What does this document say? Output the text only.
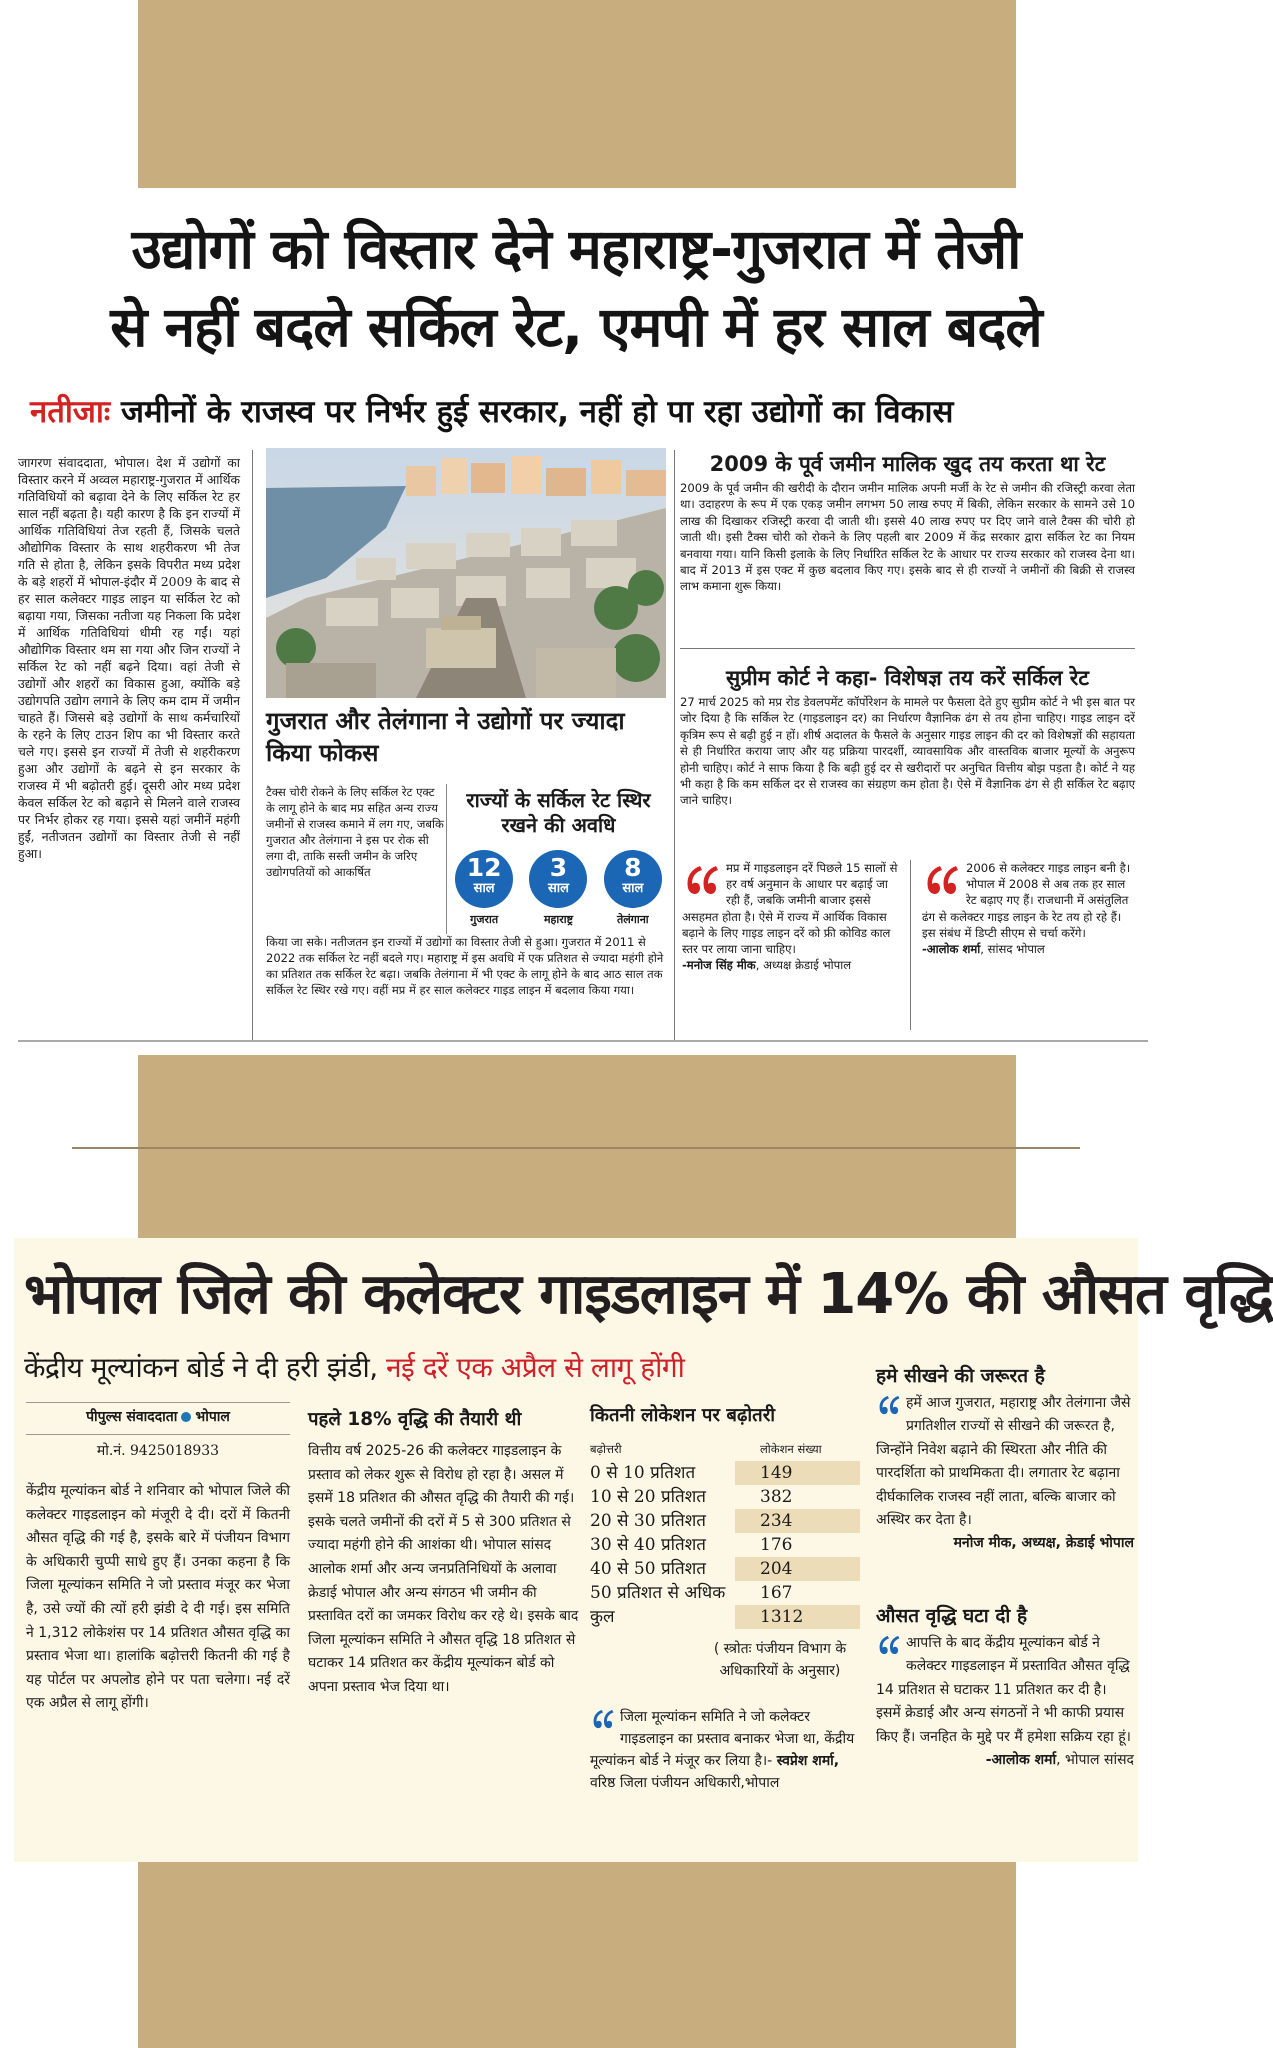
उद्योगों को विस्तार देने महाराष्ट्र-गुजरात में तेजी
से नहीं बदले सर्किल रेट, एमपी में हर साल बदले
नतीजाः जमीनों के राजस्व पर निर्भर हुई सरकार, नहीं हो पा रहा उद्योगों का विकास
जागरण संवाददाता, भोपाल। देश में उद्योगों का विस्तार करने में अव्वल महाराष्ट्र-गुजरात में आर्थिक गतिविधियों को बढ़ावा देने के लिए सर्किल रेट हर साल नहीं बढ़ता है। यही कारण है कि इन राज्यों में आर्थिक गतिविधियां तेज रहती हैं, जिसके चलते औद्योगिक विस्तार के साथ शहरीकरण भी तेज गति से होता है, लेकिन इसके विपरीत मध्य प्रदेश के बड़े शहरों में भोपाल-इंदौर में 2009 के बाद से हर साल कलेक्टर गाइड लाइन या सर्किल रेट को बढ़ाया गया, जिसका नतीजा यह निकला कि प्रदेश में आर्थिक गतिविधियां धीमी रह गईं। यहां औद्योगिक विस्तार थम सा गया और जिन राज्यों ने सर्किल रेट को नहीं बढ़ने दिया। वहां तेजी से उद्योगों और शहरों का विकास हुआ, क्योंकि बड़े उद्योगपति उद्योग लगाने के लिए कम दाम में जमीन चाहते हैं। जिससे बड़े उद्योगों के साथ कर्मचारियों के रहने के लिए टाउन शिप का भी विस्तार करते चले गए। इससे इन राज्यों में तेजी से शहरीकरण हुआ और उद्योगों के बढ़ने से इन सरकार के राजस्व में भी बढ़ोतरी हुई। दूसरी ओर मध्य प्रदेश केवल सर्किल रेट को बढ़ाने से मिलने वाले राजस्व पर निर्भर होकर रह गया। इससे यहां जमीनें महंगी हुईं, नतीजतन उद्योगों का विस्तार तेजी से नहीं हुआ।
गुजरात और तेलंगाना ने उद्योगों पर ज्यादा किया फोकस
टैक्स चोरी रोकने के लिए सर्किल रेट एक्ट के लागू होने के बाद मप्र सहित अन्य राज्य जमीनों से राजस्व कमाने में लग गए, जबकि गुजरात और तेलंगाना ने इस पर रोक सी लगा दी, ताकि सस्ती जमीन के जरिए उद्योगपतियों को आकर्षित
राज्यों के सर्किल रेट स्थिर रखने की अवधि
12
साल
गुजरात
3
साल
महाराष्ट्र
8
साल
तेलंगाना
किया जा सके। नतीजतन इन राज्यों में उद्योगों का विस्तार तेजी से हुआ। गुजरात में 2011 से 2022 तक सर्किल रेट नहीं बदले गए। महाराष्ट्र में इस अवधि में एक प्रतिशत से ज्यादा महंगी होने का प्रतिशत तक सर्किल रेट बढ़ा। जबकि तेलंगाना में भी एक्ट के लागू होने के बाद आठ साल तक सर्किल रेट स्थिर रखे गए। वहीं मप्र में हर साल कलेक्टर गाइड लाइन में बदलाव किया गया।
2009 के पूर्व जमीन मालिक खुद तय करता था रेट
2009 के पूर्व जमीन की खरीदी के दौरान जमीन मालिक अपनी मर्जी के रेट से जमीन की रजिस्ट्री करवा लेता था। उदाहरण के रूप में एक एकड़ जमीन लगभग 50 लाख रुपए में बिकी, लेकिन सरकार के सामने उसे 10 लाख की दिखाकर रजिस्ट्री करवा दी जाती थी। इससे 40 लाख रुपए पर दिए जाने वाले टैक्स की चोरी हो जाती थी। इसी टैक्स चोरी को रोकने के लिए पहली बार 2009 में केंद्र सरकार द्वारा सर्किल रेट का नियम बनवाया गया। यानि किसी इलाके के लिए निर्धारित सर्किल रेट के आधार पर राज्य सरकार को राजस्व देना था। बाद में 2013 में इस एक्ट में कुछ बदलाव किए गए। इसके बाद से ही राज्यों ने जमीनों की बिक्री से राजस्व लाभ कमाना शुरू किया।
सुप्रीम कोर्ट ने कहा- विशेषज्ञ तय करें सर्किल रेट
27 मार्च 2025 को मप्र रोड डेवलपमेंट कॉर्पोरेशन के मामले पर फैसला देते हुए सुप्रीम कोर्ट ने भी इस बात पर जोर दिया है कि सर्किल रेट (गाइडलाइन दर) का निर्धारण वैज्ञानिक ढंग से तय होना चाहिए। गाइड लाइन दरें कृत्रिम रूप से बढ़ी हुई न हों। शीर्ष अदालत के फैसले के अनुसार गाइड लाइन की दर को विशेषज्ञों की सहायता से ही निर्धारित कराया जाए और यह प्रक्रिया पारदर्शी, व्यावसायिक और वास्तविक बाजार मूल्यों के अनुरूप होनी चाहिए। कोर्ट ने साफ किया है कि बढ़ी हुई दर से खरीदारों पर अनुचित वित्तीय बोझ पड़ता है। कोर्ट ने यह भी कहा है कि कम सर्किल दर से राजस्व का संग्रहण कम होता है। ऐसे में वैज्ञानिक ढंग से ही सर्किल रेट बढ़ाए जाने चाहिए।
मप्र में गाइडलाइन दरें पिछले 15 सालों से हर वर्ष अनुमान के आधार पर बढ़ाई जा रही हैं, जबकि जमीनी बाजार इससे असहमत होता है। ऐसे में राज्य में आर्थिक विकास बढ़ाने के लिए गाइड लाइन दरें को फ्री कोविड काल स्तर पर लाया जाना चाहिए।
-मनोज सिंह मीक, अध्यक्ष क्रेडाई भोपाल
2006 से कलेक्टर गाइड लाइन बनी है। भोपाल में 2008 से अब तक हर साल रेट बढ़ाए गए हैं। राजधानी में असंतुलित ढंग से कलेक्टर गाइड लाइन के रेट तय हो रहे हैं। इस संबंध में डिप्टी सीएम से चर्चा करेंगे।
-आलोक शर्मा, सांसद भोपाल
भोपाल जिले की कलेक्टर गाइडलाइन में 14% की औसत वृद्धि
केंद्रीय मूल्यांकन बोर्ड ने दी हरी झंडी, नई दरें एक अप्रैल से लागू होंगी
पीपुल्स संवाददाता भोपाल
मो.नं. 9425018933
केंद्रीय मूल्यांकन बोर्ड ने शनिवार को भोपाल जिले की कलेक्टर गाइडलाइन को मंजूरी दे दी। दरों में कितनी औसत वृद्धि की गई है, इसके बारे में पंजीयन विभाग के अधिकारी चुप्पी साधे हुए हैं। उनका कहना है कि जिला मूल्यांकन समिति ने जो प्रस्ताव मंजूर कर भेजा है, उसे ज्यों की त्यों हरी झंडी दे दी गई। इस समिति ने 1,312 लोकेशंस पर 14 प्रतिशत औसत वृद्धि का प्रस्ताव भेजा था। हालांकि बढ़ोत्तरी कितनी की गई है यह पोर्टल पर अपलोड होने पर पता चलेगा। नई दरें एक अप्रैल से लागू होंगी।
पहले 18% वृद्धि की तैयारी थी
वित्तीय वर्ष 2025-26 की कलेक्टर गाइडलाइन के प्रस्ताव को लेकर शुरू से विरोध हो रहा है। असल में इसमें 18 प्रतिशत की औसत वृद्धि की तैयारी की गई। इसके चलते जमीनों की दरों में 5 से 300 प्रतिशत से ज्यादा महंगी होने की आशंका थी। भोपाल सांसद आलोक शर्मा और अन्य जनप्रतिनिधियों के अलावा क्रेडाई भोपाल और अन्य संगठन भी जमीन की प्रस्तावित दरों का जमकर विरोध कर रहे थे। इसके बाद जिला मूल्यांकन समिति ने औसत वृद्धि 18 प्रतिशत से घटाकर 14 प्रतिशत कर केंद्रीय मूल्यांकन बोर्ड को अपना प्रस्ताव भेज दिया था।
कितनी लोकेशन पर बढ़ोतरी
बढ़ोत्तरी	लोकेशन संख्या
0 से 10 प्रतिशत	149
10 से 20 प्रतिशत	382
20 से 30 प्रतिशत	234
30 से 40 प्रतिशत	176
40 से 50 प्रतिशत	204
50 प्रतिशत से अधिक 167
कुल	1312
( स्त्रोतः पंजीयन विभाग के अधिकारियों के अनुसार)
जिला मूल्यांकन समिति ने जो कलेक्टर गाइडलाइन का प्रस्ताव बनाकर भेजा था, केंद्रीय मूल्यांकन बोर्ड ने मंजूर कर लिया है।- स्वप्नेश शर्मा,
वरिष्ठ जिला पंजीयन अधिकारी,भोपाल
हमे सीखने की जरूरत है
हमें आज गुजरात, महाराष्ट्र और तेलंगाना जैसे प्रगतिशील राज्यों से सीखने की जरूरत है, जिन्होंने निवेश बढ़ाने की स्थिरता और नीति की पारदर्शिता को प्राथमिकता दी। लगातार रेट बढ़ाना दीर्घकालिक राजस्व नहीं लाता, बल्कि बाजार को अस्थिर कर देता है।
मनोज मीक, अध्यक्ष, क्रेडाई भोपाल
औसत वृद्धि घटा दी है
आपत्ति के बाद केंद्रीय मूल्यांकन बोर्ड ने कलेक्टर गाइडलाइन में प्रस्तावित औसत वृद्धि 14 प्रतिशत से घटाकर 11 प्रतिशत कर दी है। इसमें क्रेडाई और अन्य संगठनों ने भी काफी प्रयास किए हैं। जनहित के मुद्दे पर मैं हमेशा सक्रिय रहा हूं।
-आलोक शर्मा, भोपाल सांसद
